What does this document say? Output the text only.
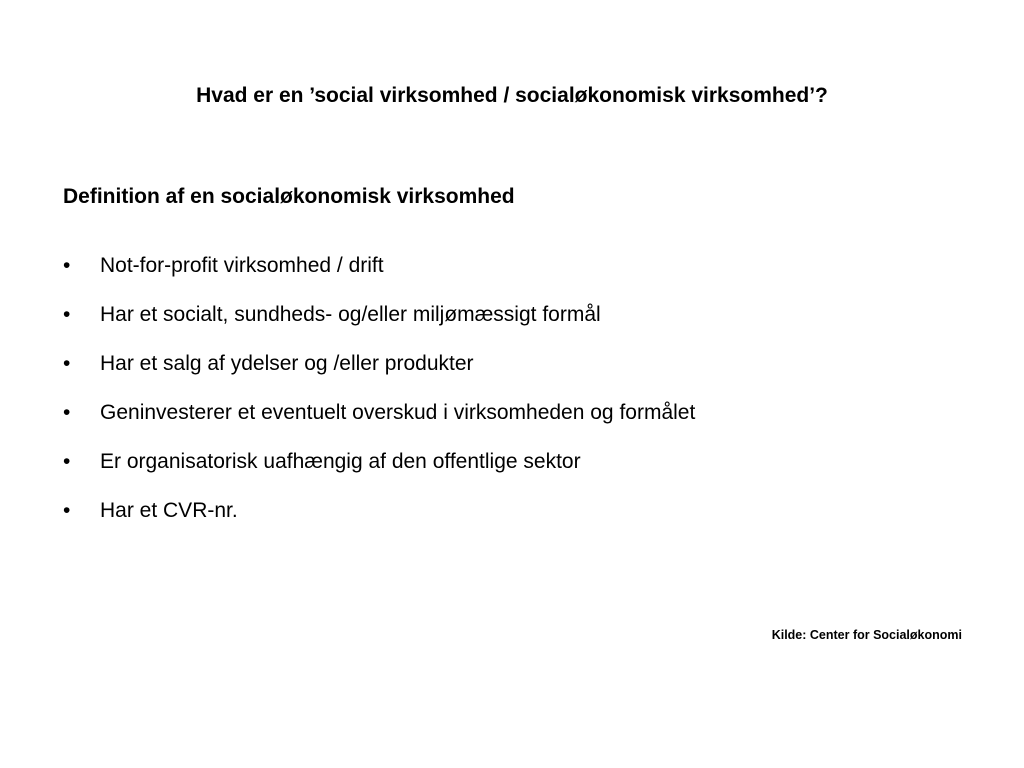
Hvad er en ’social virksomhed / socialøkonomisk virksomhed’?
Definition af en socialøkonomisk virksomhed
•	Not-for-profit virksomhed / drift
•	Har et socialt, sundheds- og/eller miljømæssigt formål
•	Har et salg af ydelser og /eller produkter
•	Geninvesterer et eventuelt overskud i virksomheden og formålet
•	Er organisatorisk uafhængig af den offentlige sektor
•	Har et CVR-nr.
Kilde: Center for Socialøkonomi
